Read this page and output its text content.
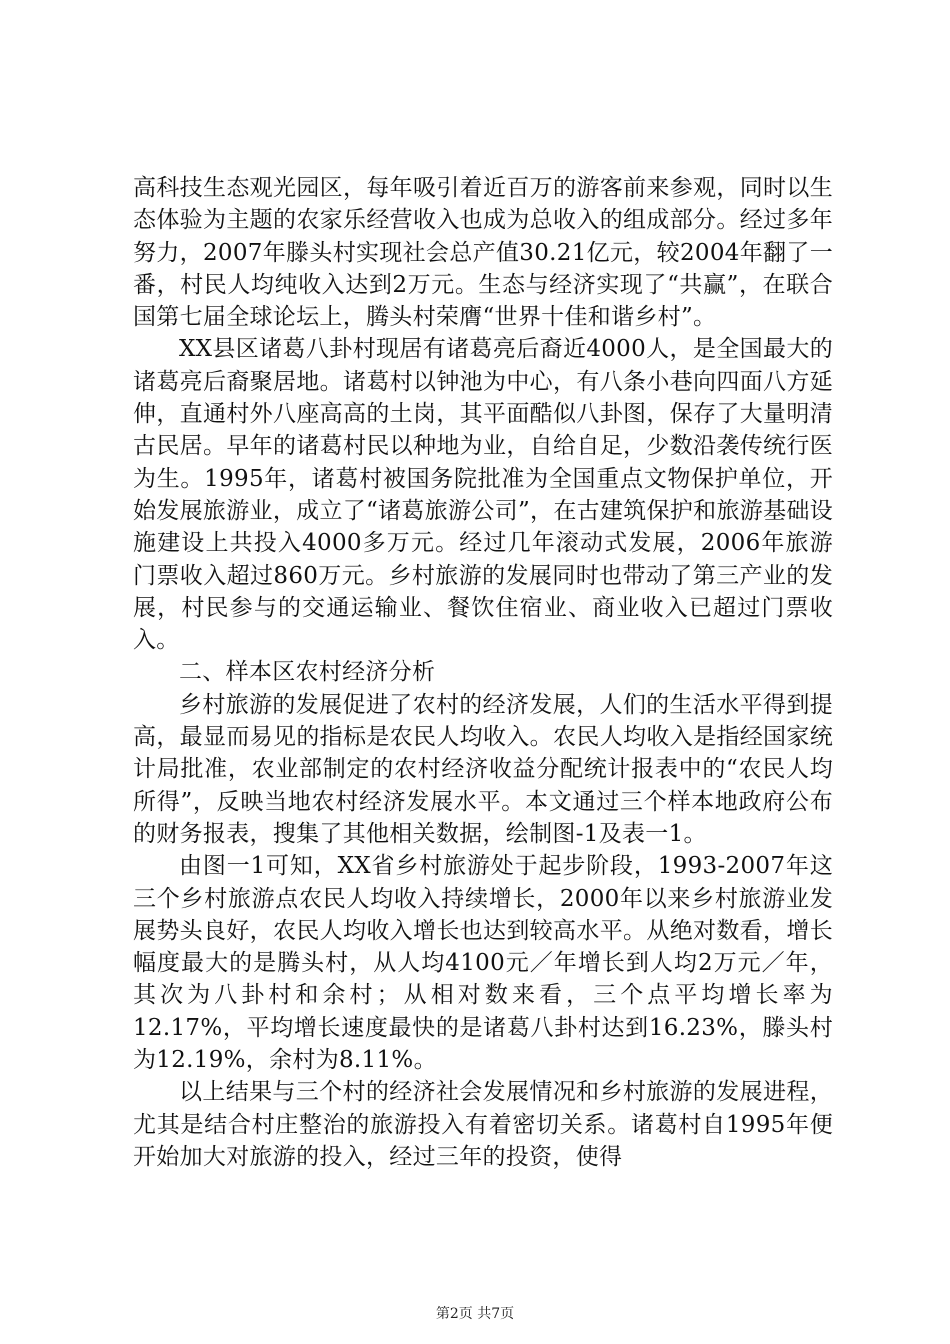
高科技生态观光园区，每年吸引着近百万的游客前来参观，同时以生态体验为主题的农家乐经营收入也成为总收入的组成部分。经过多年努力，2007年滕头村实现社会总产值30.21亿元，较2004年翻了一番，村民人均纯收入达到2万元。生态与经济实现了“共赢”，在联合国第七届全球论坛上，腾头村荣膺“世界十佳和谐乡村”。

XX县区诸葛八卦村现居有诸葛亮后裔近4000人，是全国最大的诸葛亮后裔聚居地。诸葛村以钟池为中心，有八条小巷向四面八方延伸，直通村外八座高高的土岗，其平面酷似八卦图，保存了大量明清古民居。早年的诸葛村民以种地为业，自给自足，少数沿袭传统行医为生。1995年，诸葛村被国务院批准为全国重点文物保护单位，开始发展旅游业，成立了“诸葛旅游公司”，在古建筑保护和旅游基础设施建设上共投入4000多万元。经过几年滚动式发展，2006年旅游门票收入超过860万元。乡村旅游的发展同时也带动了第三产业的发展，村民参与的交通运输业、餐饮住宿业、商业收入已超过门票收入。

二、样本区农村经济分析

乡村旅游的发展促进了农村的经济发展，人们的生活水平得到提高，最显而易见的指标是农民人均收入。农民人均收入是指经国家统计局批准，农业部制定的农村经济收益分配统计报表中的“农民人均所得”，反映当地农村经济发展水平。本文通过三个样本地政府公布的财务报表，搜集了其他相关数据，绘制图-1及表一1。

由图一1可知，XX省乡村旅游处于起步阶段，1993-2007年这三个乡村旅游点农民人均收入持续增长，2000年以来乡村旅游业发展势头良好，农民人均收入增长也达到较高水平。从绝对数看，增长幅度最大的是腾头村，从人均4100元／年增长到人均2万元／年，其次为八卦村和余村；从相对数来看，三个点平均增长率为12.17%，平均增长速度最快的是诸葛八卦村达到16.23%，滕头村为12.19%，余村为8.11%。

以上结果与三个村的经济社会发展情况和乡村旅游的发展进程，尤其是结合村庄整治的旅游投入有着密切关系。诸葛村自1995年便开始加大对旅游的投入，经过三年的投资，使得

第2页 共7页
